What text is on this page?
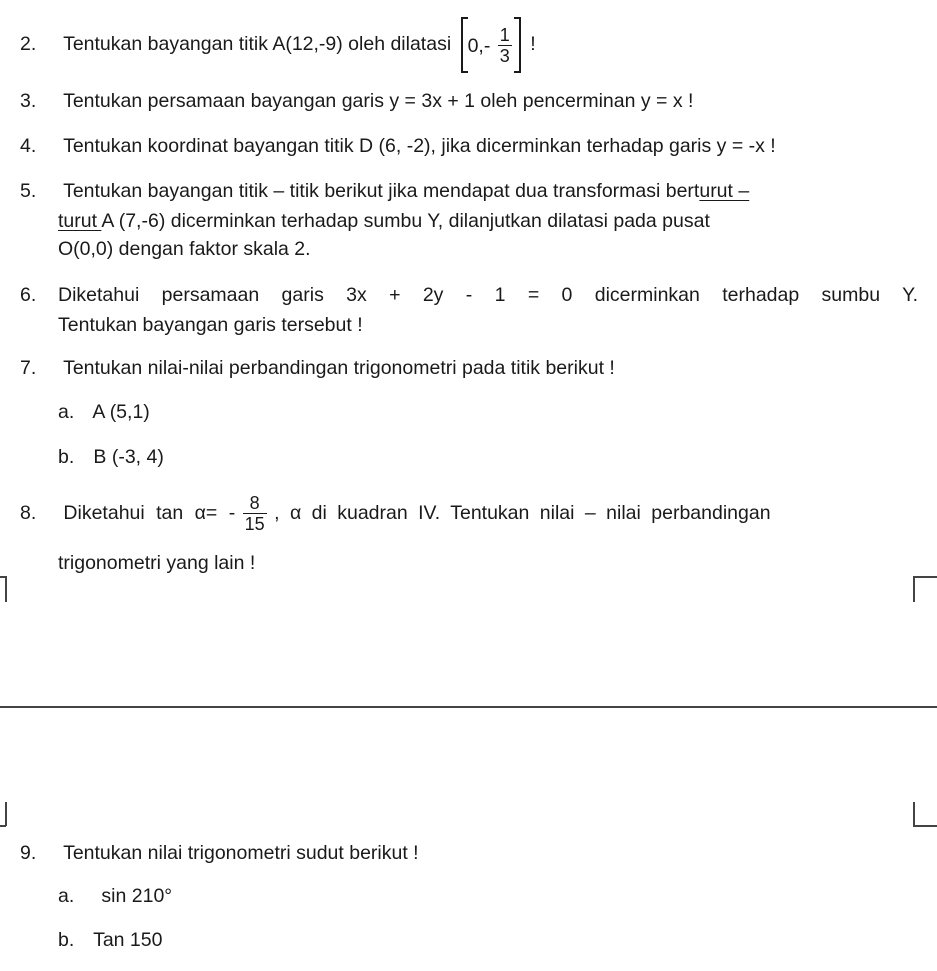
2. Tentukan bayangan titik A(12,-9) oleh dilatasi $0,- \frac{1}{3}$ !
3. Tentukan persamaan bayangan garis y = 3x + 1 oleh pencerminan y = x !
4. Tentukan koordinat bayangan titik D (6, -2), jika dicerminkan terhadap garis y = -x !
5. Tentukan bayangan titik – titik berikut jika mendapat dua transformasi berturut –
turut A (7,-6) dicerminkan terhadap sumbu Y, dilanjutkan dilatasi pada pusat
O(0,0) dengan faktor skala 2.
6. Diketahui persamaan garis 3x + 2y - 1 = 0 dicerminkan terhadap sumbu Y.
Tentukan bayangan garis tersebut !
7. Tentukan nilai-nilai perbandingan trigonometri pada titik berikut !
a. A (5,1)
b. B (-3, 4)
8. Diketahui $\tan \alpha= - \frac{8}{15}$ , α di kuadran IV. Tentukan nilai – nilai perbandingan
trigonometri yang lain !
9. Tentukan nilai trigonometri sudut berikut !
a. sin 210°
b. Tan 150
